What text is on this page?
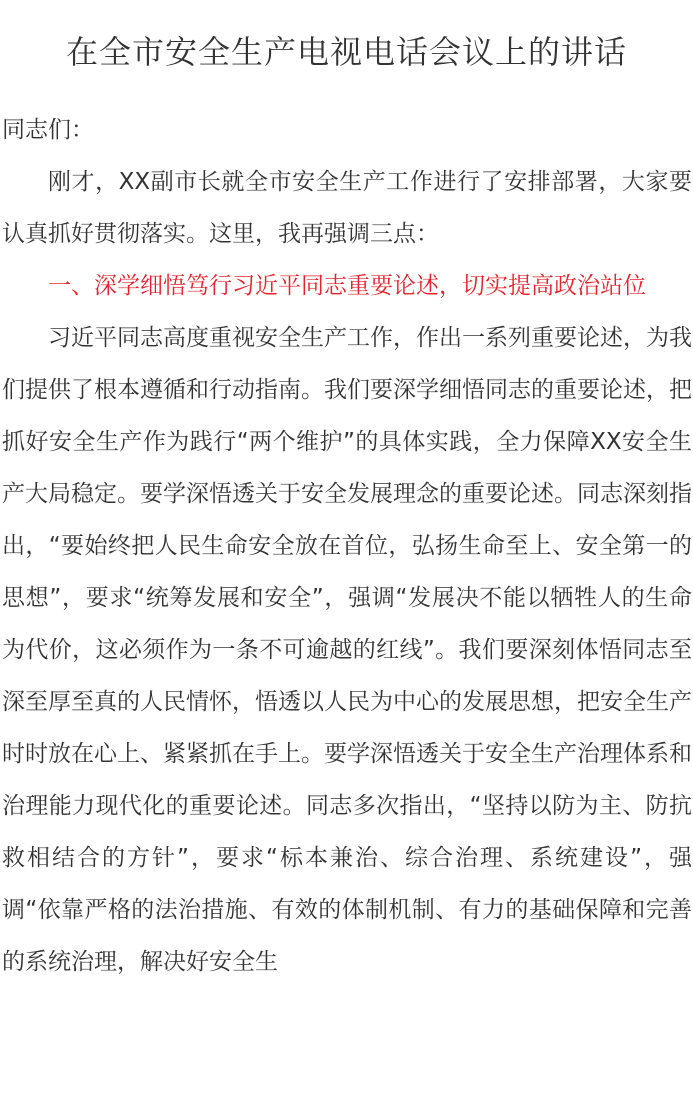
在全市安全生产电视电话会议上的讲话

同志们：

刚才，XX副市长就全市安全生产工作进行了安排部署，大家要认真抓好贯彻落实。这里，我再强调三点：

一、深学细悟笃行习近平同志重要论述，切实提高政治站位

习近平同志高度重视安全生产工作，作出一系列重要论述，为我们提供了根本遵循和行动指南。我们要深学细悟同志的重要论述，把抓好安全生产作为践行“两个维护”的具体实践，全力保障XX安全生产大局稳定。要学深悟透关于安全发展理念的重要论述。同志深刻指出，“要始终把人民生命安全放在首位，弘扬生命至上、安全第一的思想”，要求“统筹发展和安全”，强调“发展决不能以牺牲人的生命为代价，这必须作为一条不可逾越的红线”。我们要深刻体悟同志至深至厚至真的人民情怀，悟透以人民为中心的发展思想，把安全生产时时放在心上、紧紧抓在手上。要学深悟透关于安全生产治理体系和治理能力现代化的重要论述。同志多次指出，“坚持以防为主、防抗救相结合的方针”，要求“标本兼治、综合治理、系统建设”，强调“依靠严格的法治措施、有效的体制机制、有力的基础保障和完善的系统治理，解决好安全生
